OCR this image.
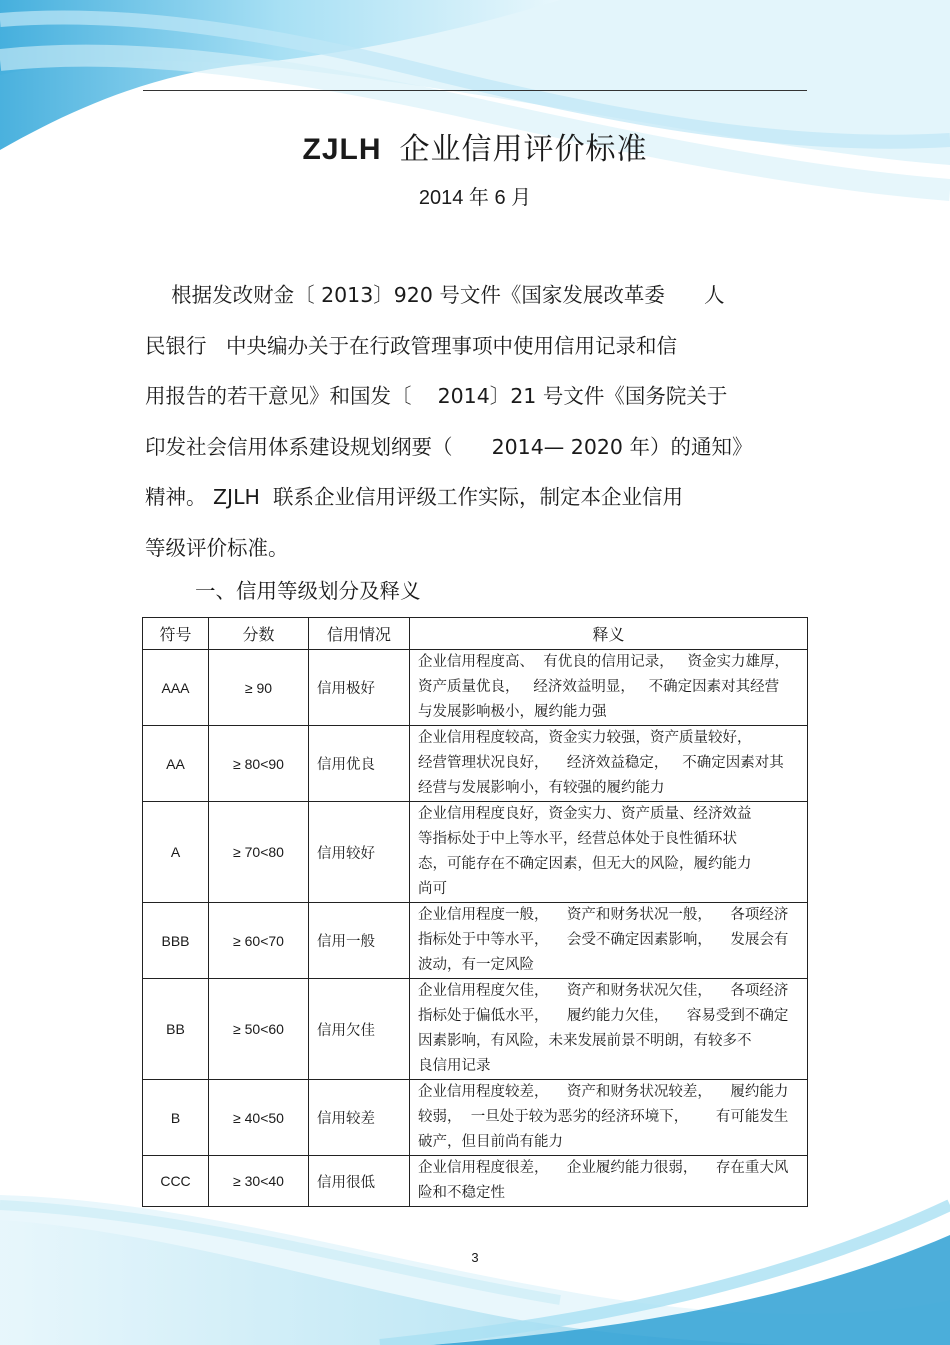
ZJLH 企业信用评价标准
2014 年 6 月
根据发改财金〔 2013〕920 号文件《国家发展改革委      人
民银行   中央编办关于在行政管理事项中使用信用记录和信
用报告的若干意见》和国发〔    2014〕21 号文件《国务院关于
印发社会信用体系建设规划纲要（      2014— 2020 年）的通知》
精神。 ZJLH  联系企业信用评级工作实际，制定本企业信用
等级评价标准。
一、信用等级划分及释义
符号	分数	信用情况	释义
AAA	≥ 90	信用极好	企业信用程度高、  有优良的信用记录，   资金实力雄厚，
资产质量优良，   经济效益明显，   不确定因素对其经营
与发展影响极小，履约能力强

AA	≥ 80<90	信用优良	企业信用程度较高，资金实力较强，资产质量较好，
经营管理状况良好，    经济效益稳定，   不确定因素对其
经营与发展影响小，有较强的履约能力

A	≥ 70<80	信用较好	企业信用程度良好，资金实力、资产质量、经济效益
等指标处于中上等水平，经营总体处于良性循环状
态，可能存在不确定因素，但无大的风险，履约能力
尚可

BBB	≥ 60<70	信用一般	企业信用程度一般，    资产和财务状况一般，    各项经济
指标处于中等水平，    会受不确定因素影响，    发展会有
波动，有一定风险

BB	≥ 50<60	信用欠佳	企业信用程度欠佳，    资产和财务状况欠佳，    各项经济
指标处于偏低水平，    履约能力欠佳，    容易受到不确定
因素影响，有风险，未来发展前景不明朗，有较多不
良信用记录

B	≥ 40<50	信用较差	企业信用程度较差，    资产和财务状况较差，    履约能力
较弱，  一旦处于较为恶劣的经济环境下，      有可能发生
破产，但目前尚有能力

CCC	≥ 30<40	信用很低	企业信用程度很差，    企业履约能力很弱，    存在重大风
险和不稳定性
3
